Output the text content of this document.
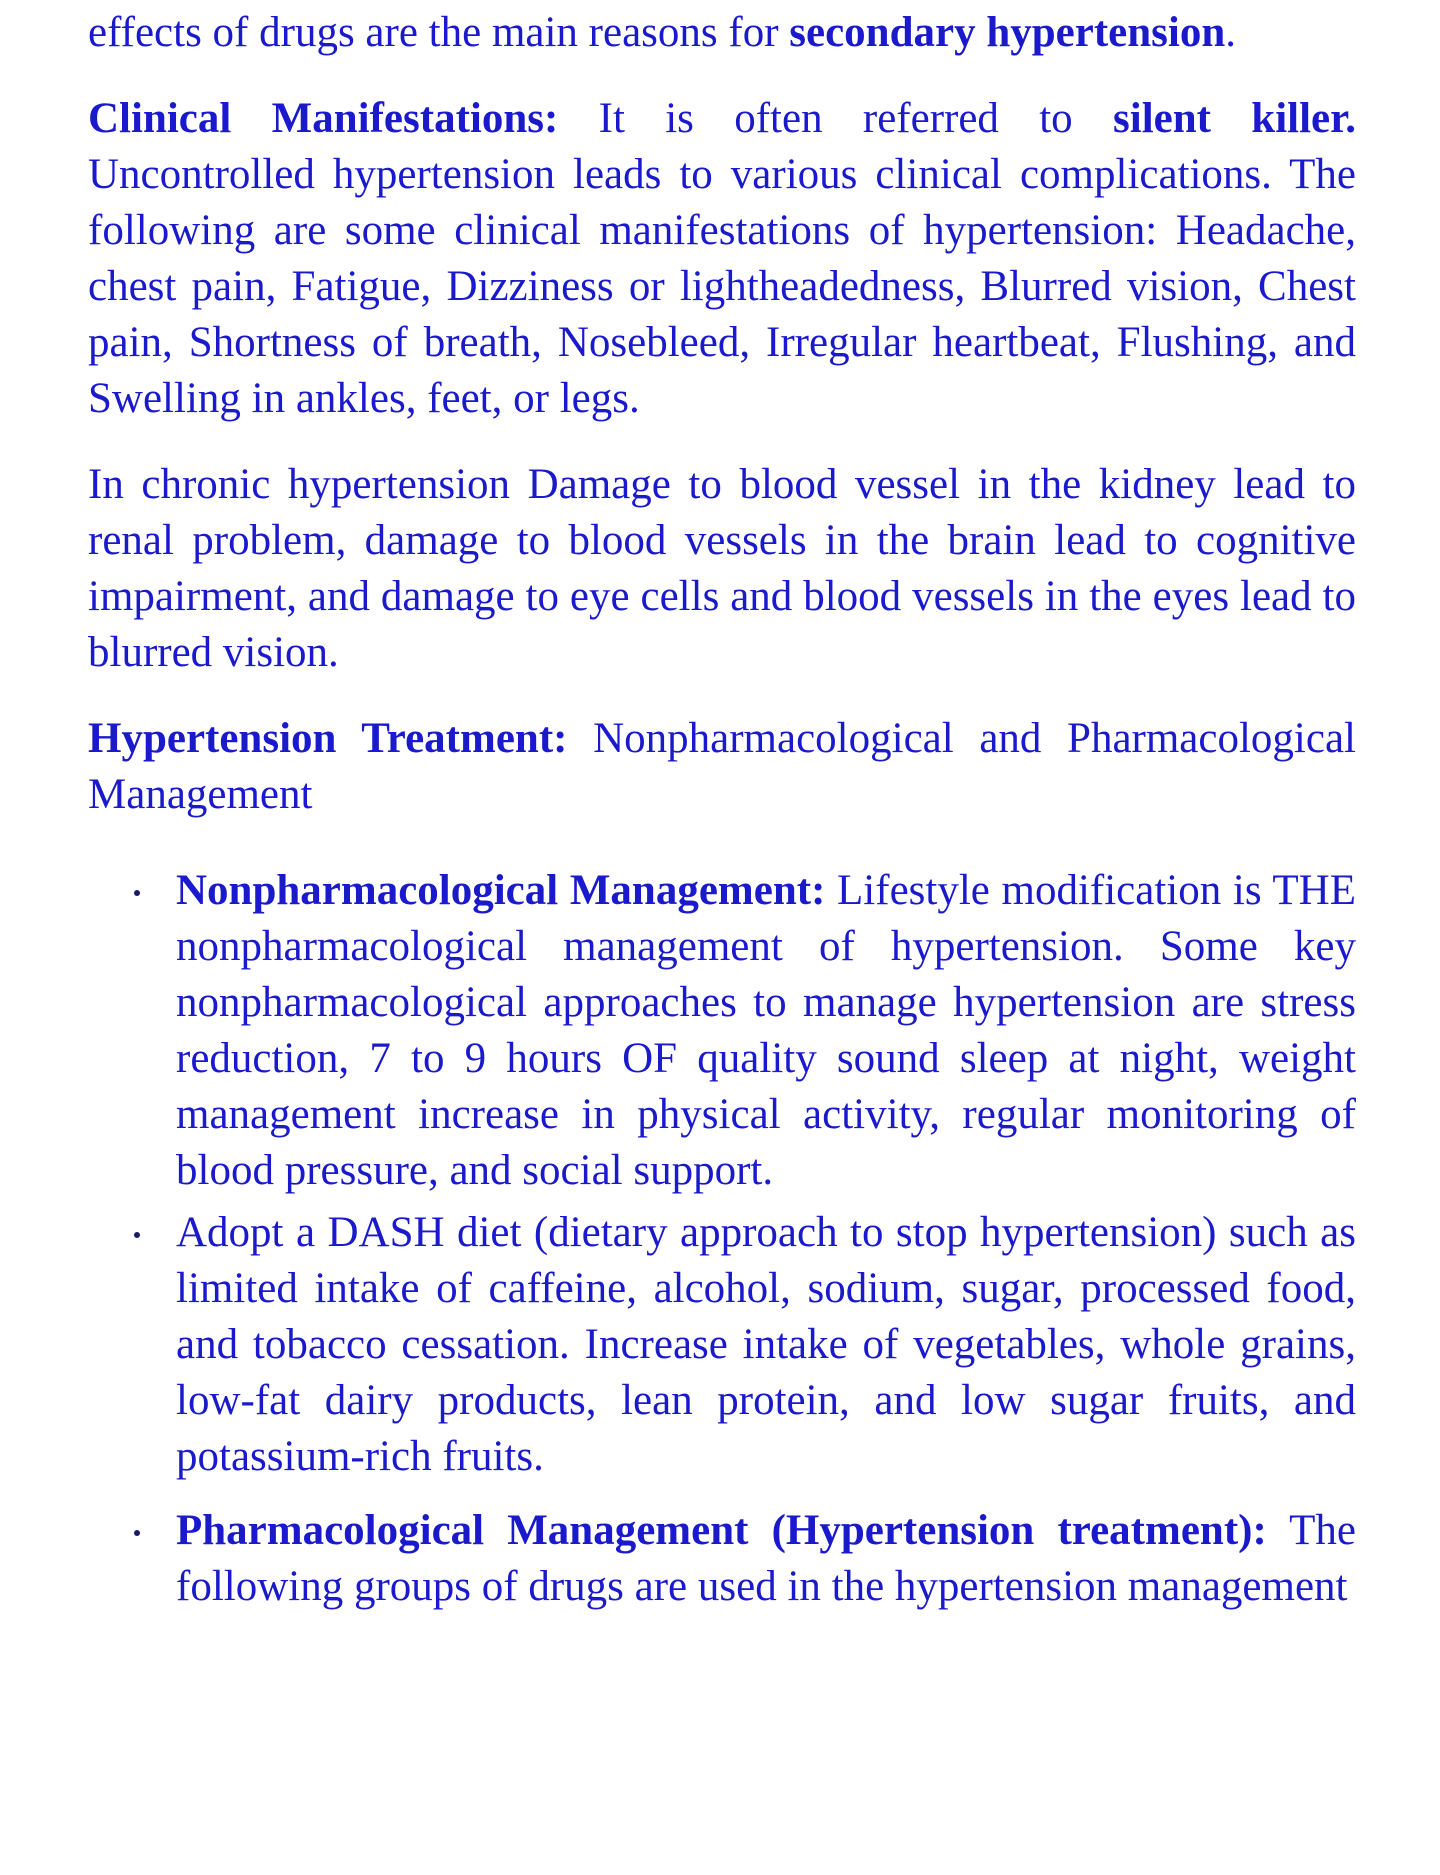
effects of drugs are the main reasons for secondary hypertension.

Clinical Manifestations: It is often referred to silent killer. Uncontrolled hypertension leads to various clinical complications. The following are some clinical manifestations of hypertension: Headache, chest pain, Fatigue, Dizziness or lightheadedness, Blurred vision, Chest pain, Shortness of breath, Nosebleed, Irregular heartbeat, Flushing, and Swelling in ankles, feet, or legs.

In chronic hypertension Damage to blood vessel in the kidney lead to renal problem, damage to blood vessels in the brain lead to cognitive impairment, and damage to eye cells and blood vessels in the eyes lead to blurred vision.

Hypertension Treatment: Nonpharmacological and Pharmacological Management

Nonpharmacological Management: Lifestyle modification is THE nonpharmacological management of hypertension. Some key nonpharmacological approaches to manage hypertension are stress reduction, 7 to 9 hours OF quality sound sleep at night, weight management increase in physical activity, regular monitoring of blood pressure, and social support.
Adopt a DASH diet (dietary approach to stop hypertension) such as limited intake of caffeine, alcohol, sodium, sugar, processed food, and tobacco cessation. Increase intake of vegetables, whole grains, low-fat dairy products, lean protein, and low sugar fruits, and potassium-rich fruits.
Pharmacological Management (Hypertension treatment): The following groups of drugs are used in the hypertension management
